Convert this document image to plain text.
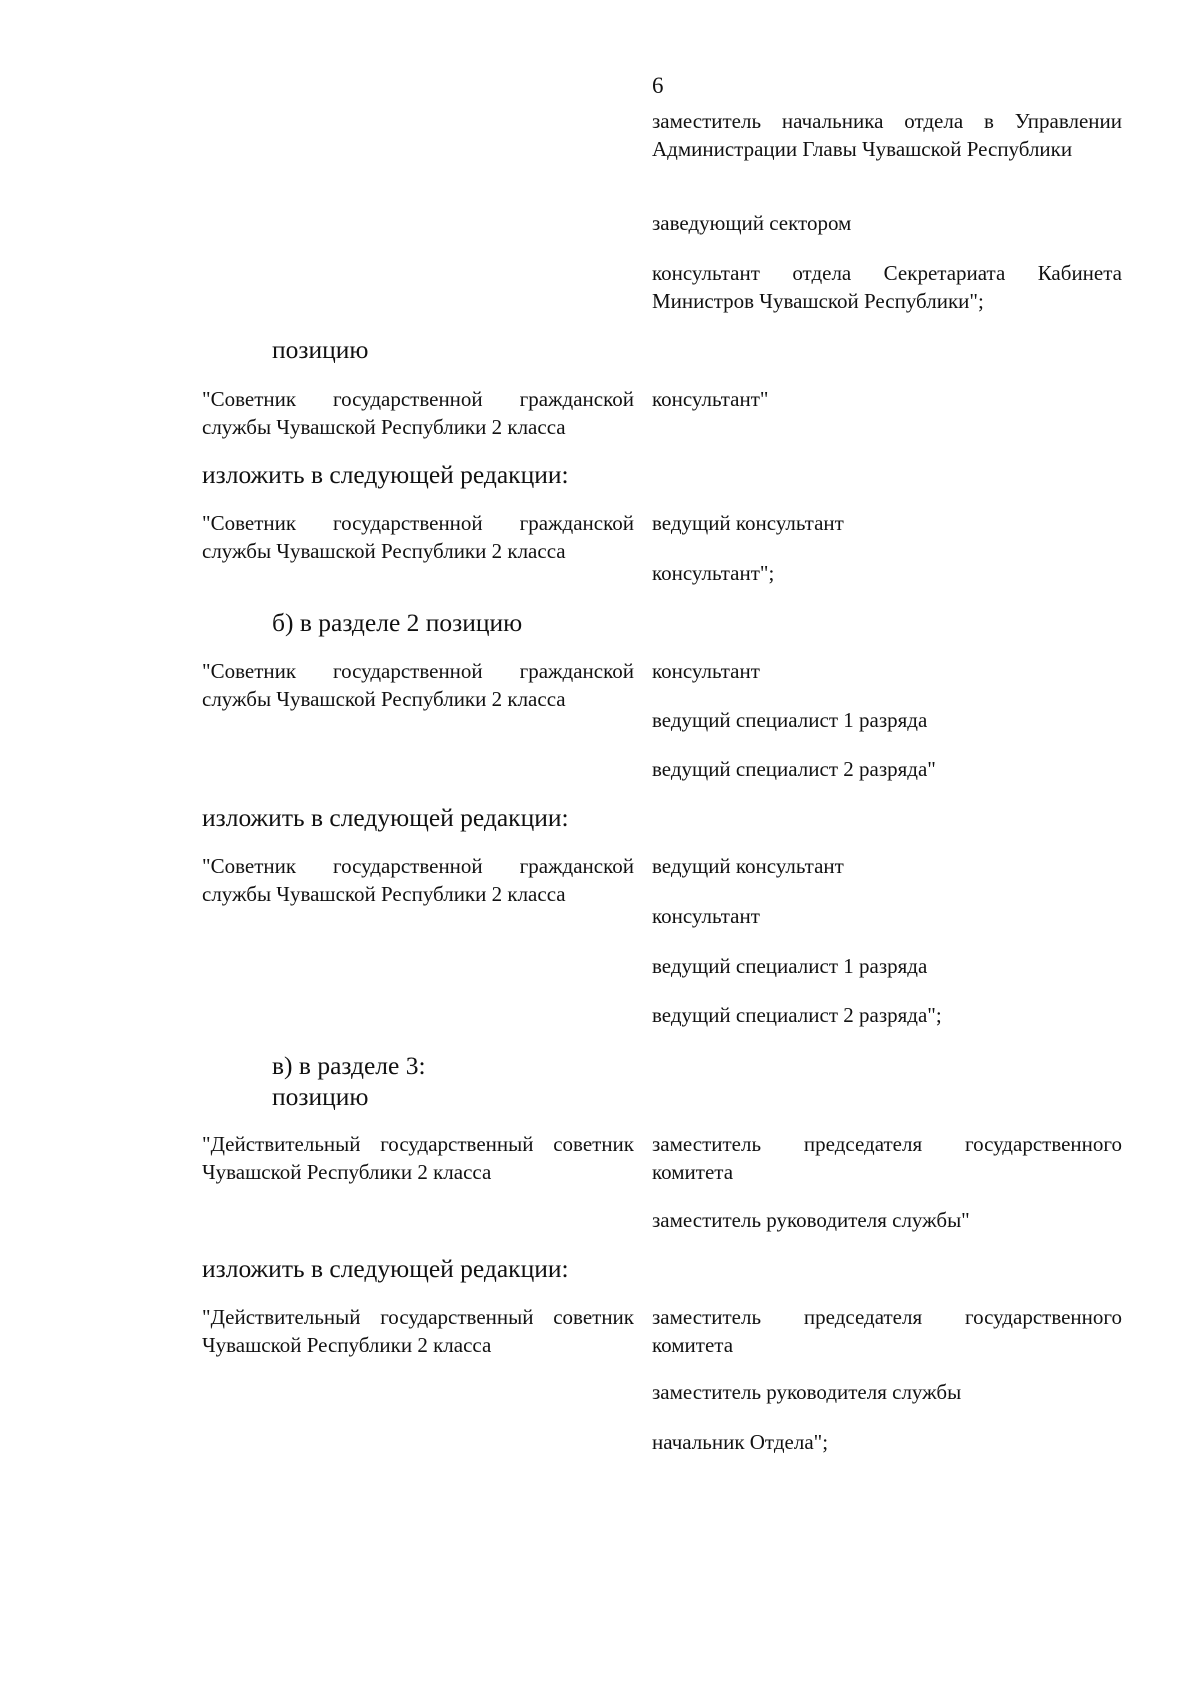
6
заместитель начальника отдела в Управлении Администрации Главы Чувашской Республики
заведующий сектором
консультант отдела Секретариата Кабинета Министров Чувашской Республики";
позицию
"Советник государственной гражданской службы Чувашской Республики 2 класса
консультант"
изложить в следующей редакции:
"Советник государственной гражданской службы Чувашской Республики 2 класса
ведущий консультант
консультант";
б) в разделе 2 позицию
"Советник государственной гражданской службы Чувашской Республики 2 класса
консультант
ведущий специалист 1 разряда
ведущий специалист 2 разряда"
изложить в следующей редакции:
"Советник государственной гражданской службы Чувашской Республики 2 класса
ведущий консультант
консультант
ведущий специалист 1 разряда
ведущий специалист 2 разряда";
в) в разделе 3:
позицию
"Действительный государственный советник Чувашской Республики 2 класса
заместитель председателя государственного комитета
заместитель руководителя службы"
изложить в следующей редакции:
"Действительный государственный советник Чувашской Республики 2 класса
заместитель председателя государственного комитета
заместитель руководителя службы
начальник Отдела";
